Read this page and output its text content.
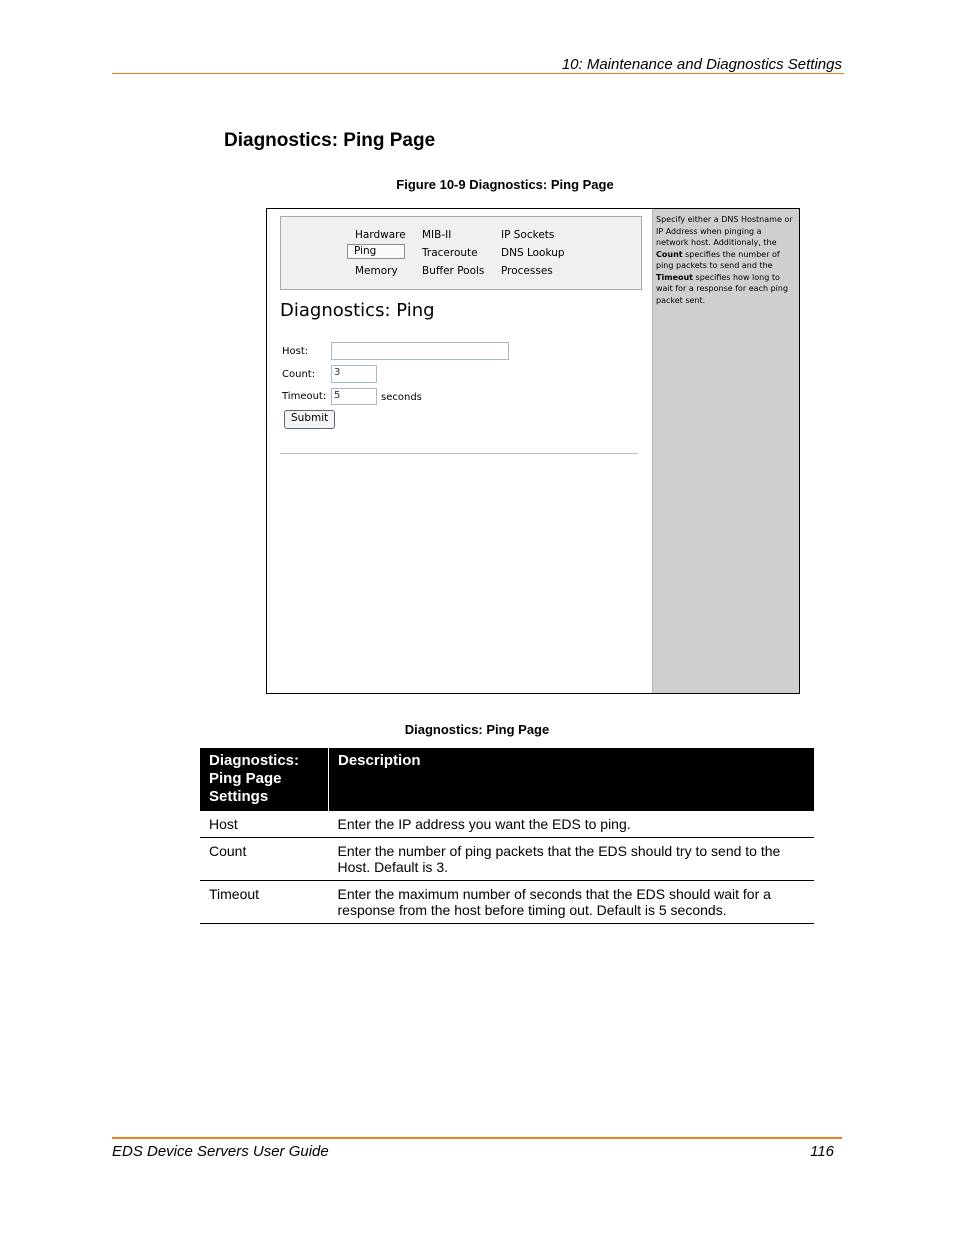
10: Maintenance and Diagnostics Settings
Diagnostics: Ping Page
Figure 10-9 Diagnostics: Ping Page
Hardware
Ping
Memory
MIB-II
Traceroute
Buffer Pools
IP Sockets
DNS Lookup
Processes
Diagnostics: Ping
Host:
Count:	3
Timeout: 5	seconds
Submit
Specify either a DNS Hostname or IP Address when pinging a network host. Additionaly, the Count specifies the number of ping packets to send and the Timeout specifies how long to wait for a response for each ping packet sent.
Diagnostics: Ping Page
Diagnostics: Ping Page Settings	Description
Host	Enter the IP address you want the EDS to ping.
Count	Enter the number of ping packets that the EDS should try to send to the Host. Default is 3.
Timeout	Enter the maximum number of seconds that the EDS should wait for a response from the host before timing out. Default is 5 seconds.
EDS Device Servers User Guide	116
